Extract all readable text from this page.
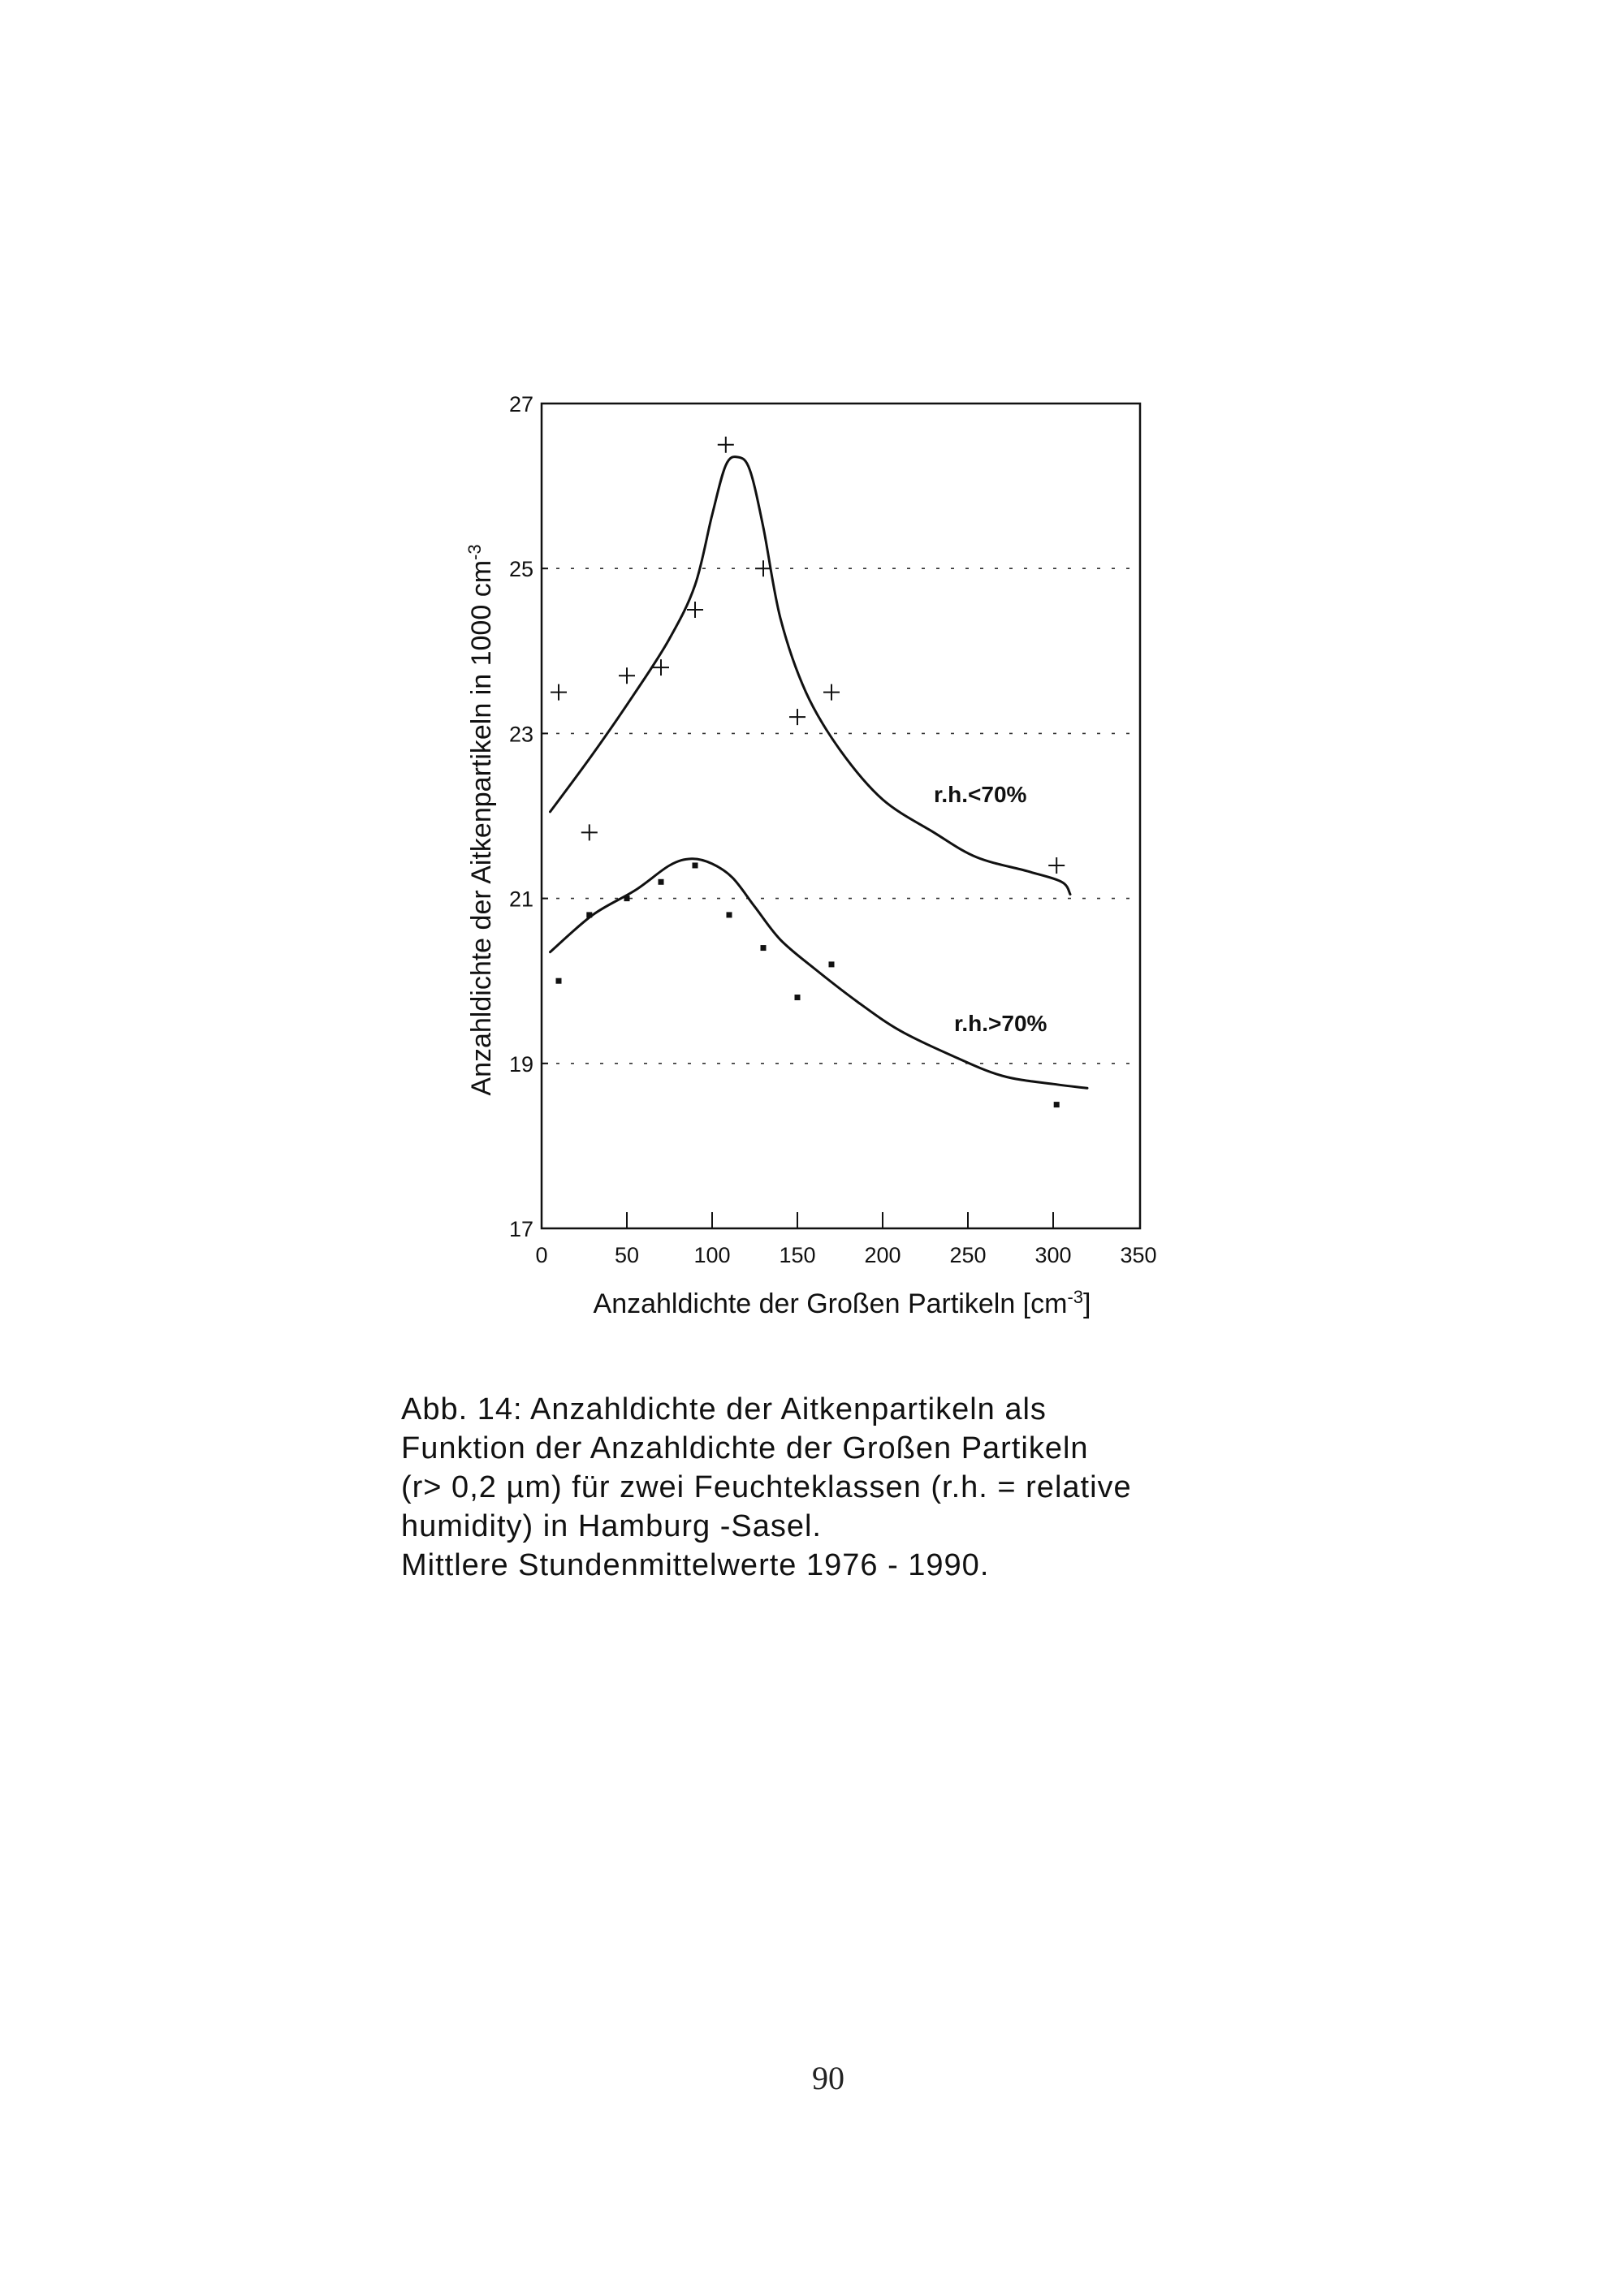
0	50 100 150 200 250 300 350
17
19
21
23
25
27
r.h.<70%
r.h.>70%
Anzahldichte der Großen Partikeln $[cm^{-3}]$
Anzahldichte der Aitkenpartikeln in 1000 $cm^{-3}$
Abb. 14: Anzahldichte der Aitkenpartikeln als
Funktion der Anzahldichte der Großen Partikeln
(r> 0,2 µm) für zwei Feuchteklassen (r.h. = relative
humidity) in Hamburg -Sasel.
Mittlere Stundenmittelwerte 1976 - 1990.
90
